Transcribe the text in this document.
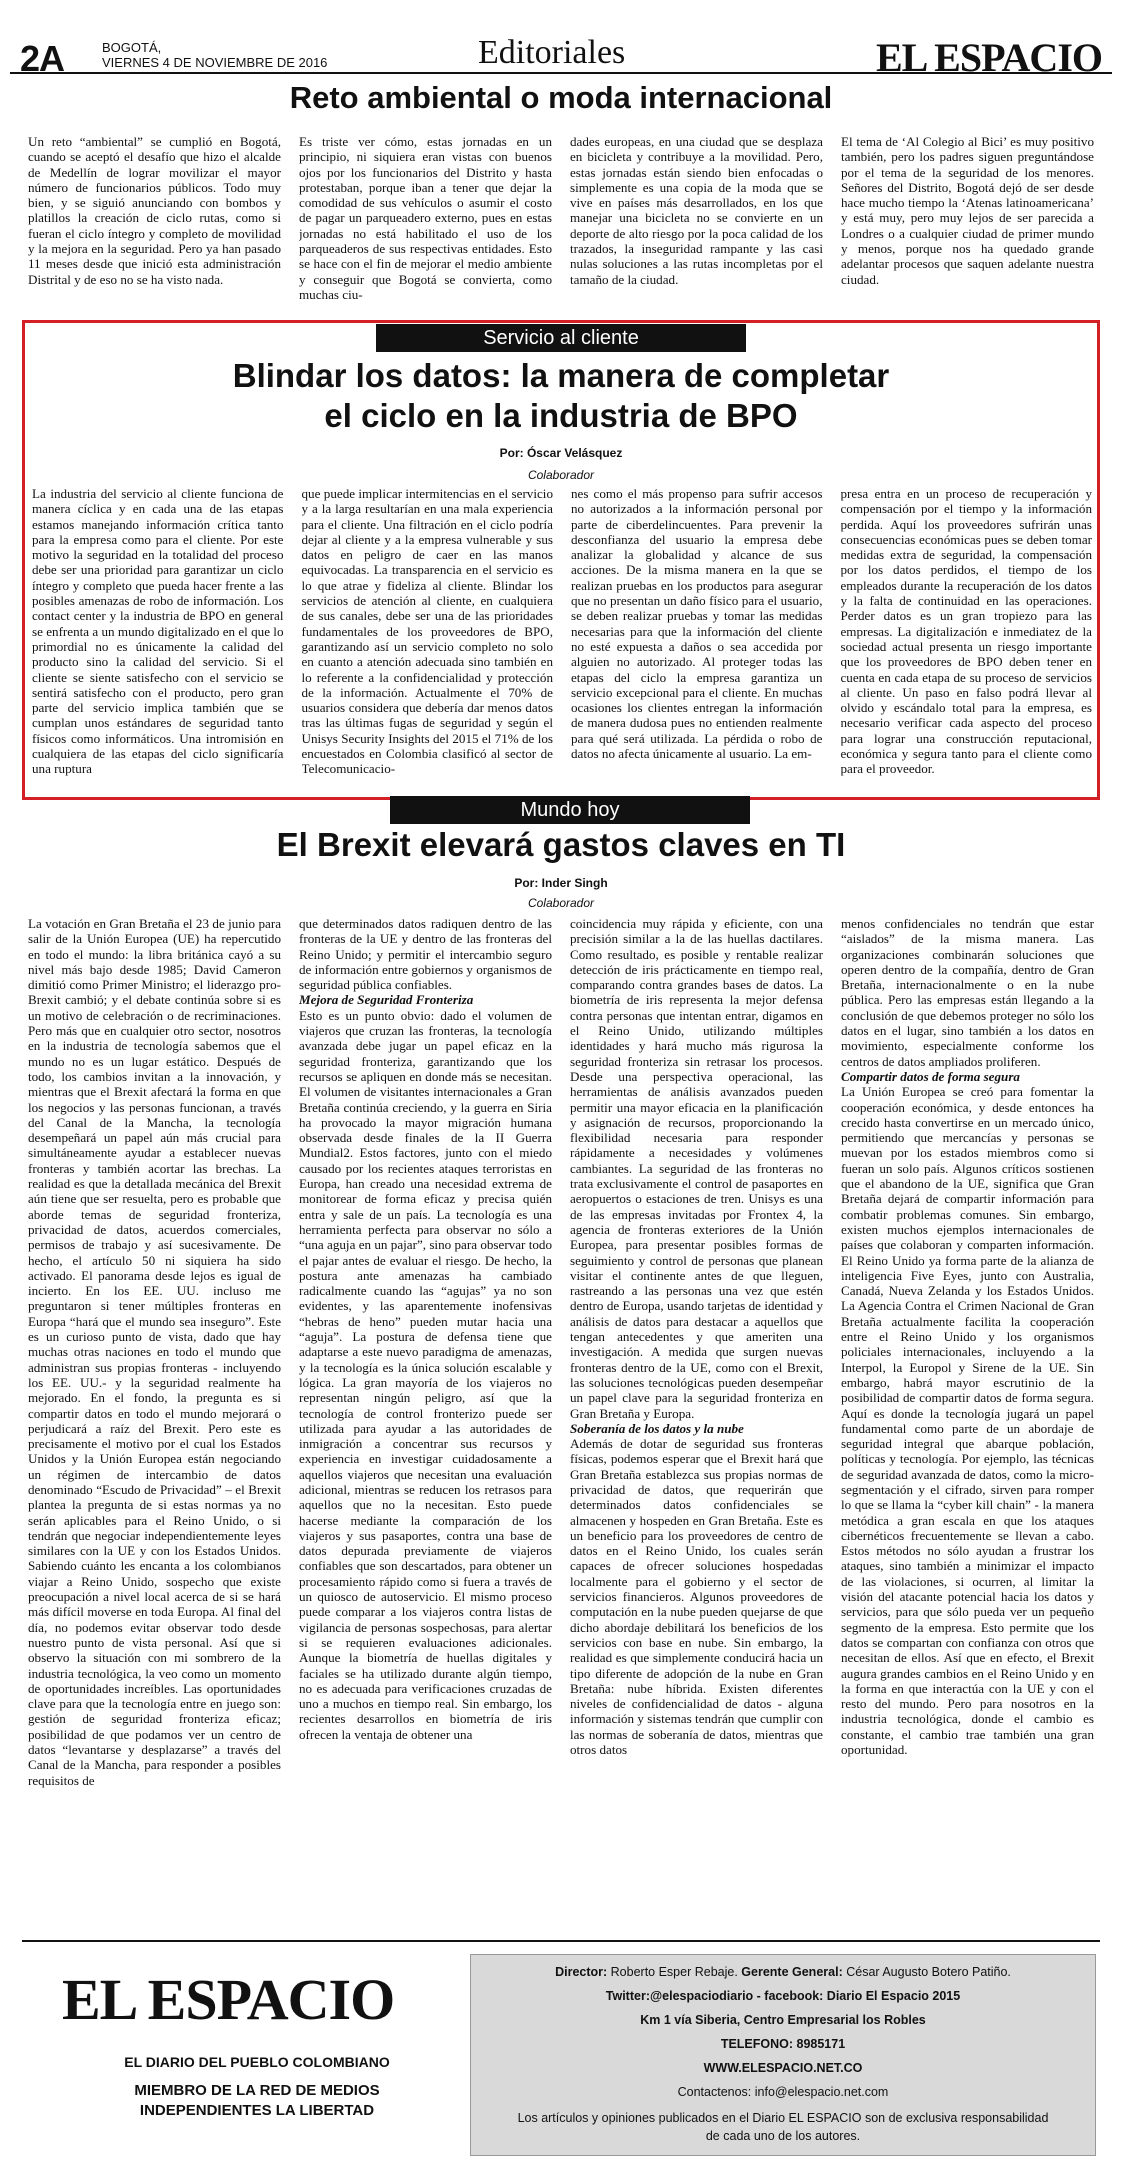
2A	BOGOTÁ,
VIERNES 4 DE NOVIEMBRE DE 2016	Editoriales	EL ESPACIO
Reto ambiental o moda internacional

Un reto “ambiental” se cumplió en Bogotá, cuando se aceptó el desafío que hizo el alcalde de Medellín de lograr movilizar el mayor número de funcionarios públicos. Todo muy bien, y se siguió anunciando con bombos y platillos la creación de ciclo rutas, como si fueran el ciclo íntegro y completo de movilidad y la mejora en la seguridad. Pero ya han pasado 11 meses desde que inició esta administración Distrital y de eso no se ha visto nada.

Es triste ver cómo, estas jornadas en un principio, ni siquiera eran vistas con buenos ojos por los funcionarios del Distrito y hasta protestaban, porque iban a tener que dejar la comodidad de sus vehículos o asumir el costo de pagar un parqueadero externo, pues en estas jornadas no está habilitado el uso de los parqueaderos de sus respectivas entidades. Esto se hace con el fin de mejorar el medio ambiente y conseguir que Bogotá se convierta, como muchas ciu-

dades europeas, en una ciudad que se desplaza en bicicleta y contribuye a la movilidad. Pero, estas jornadas están siendo bien enfocadas o simplemente es una copia de la moda que se vive en países más desarrollados, en los que manejar una bicicleta no se convierte en un deporte de alto riesgo por la poca calidad de los trazados, la inseguridad rampante y las casi nulas soluciones a las rutas incompletas por el tamaño de la ciudad.

El tema de ‘Al Colegio al Bici’ es muy positivo también, pero los padres siguen preguntándose por el tema de la seguridad de los menores. Señores del Distrito, Bogotá dejó de ser desde hace mucho tiempo la ‘Atenas latinoamericana’ y está muy, pero muy lejos de ser parecida a Londres o a cualquier ciudad de primer mundo y menos, porque nos ha quedado grande adelantar procesos que saquen adelante nuestra ciudad.

Servicio al cliente
Blindar los datos: la manera de completar
el ciclo en la industria de BPO
Por: Óscar Velásquez
Colaborador

La industria del servicio al cliente funciona de manera cíclica y en cada una de las etapas estamos manejando información crítica tanto para la empresa como para el cliente. Por este motivo la seguridad en la totalidad del proceso debe ser una prioridad para garantizar un ciclo íntegro y completo que pueda hacer frente a las posibles amenazas de robo de información. Los contact center y la industria de BPO en general se enfrenta a un mundo digitalizado en el que lo primordial no es únicamente la calidad del producto sino la calidad del servicio. Si el cliente se siente satisfecho con el servicio se sentirá satisfecho con el producto, pero gran parte del servicio implica también que se cumplan unos estándares de seguridad tanto físicos como informáticos. Una intromisión en cualquiera de las etapas del ciclo significaría una ruptura

que puede implicar intermitencias en el servicio y a la larga resultarían en una mala experiencia para el cliente. Una filtración en el ciclo podría dejar al cliente y a la empresa vulnerable y sus datos en peligro de caer en las manos equivocadas. La transparencia en el servicio es lo que atrae y fideliza al cliente. Blindar los servicios de atención al cliente, en cualquiera de sus canales, debe ser una de las prioridades fundamentales de los proveedores de BPO, garantizando así un servicio completo no solo en cuanto a atención adecuada sino también en lo referente a la confidencialidad y protección de la información. Actualmente el 70% de usuarios considera que debería dar menos datos tras las últimas fugas de seguridad y según el Unisys Security Insights del 2015 el 71% de los encuestados en Colombia clasificó al sector de Telecomunicacio-

nes como el más propenso para sufrir accesos no autorizados a la información personal por parte de ciberdelincuentes. Para prevenir la desconfianza del usuario la empresa debe analizar la globalidad y alcance de sus acciones. De la misma manera en la que se realizan pruebas en los productos para asegurar que no presentan un daño físico para el usuario, se deben realizar pruebas y tomar las medidas necesarias para que la información del cliente no esté expuesta a daños o sea accedida por alguien no autorizado. Al proteger todas las etapas del ciclo la empresa garantiza un servicio excepcional para el cliente. En muchas ocasiones los clientes entregan la información de manera dudosa pues no entienden realmente para qué será utilizada. La pérdida o robo de datos no afecta únicamente al usuario. La em-

presa entra en un proceso de recuperación y compensación por el tiempo y la información perdida. Aquí los proveedores sufrirán unas consecuencias económicas pues se deben tomar medidas extra de seguridad, la compensación por los datos perdidos, el tiempo de los empleados durante la recuperación de los datos y la falta de continuidad en las operaciones. Perder datos es un gran tropiezo para las empresas. La digitalización e inmediatez de la sociedad actual presenta un riesgo importante que los proveedores de BPO deben tener en cuenta en cada etapa de su proceso de servicios al cliente. Un paso en falso podrá llevar al olvido y escándalo total para la empresa, es necesario verificar cada aspecto del proceso para lograr una construcción reputacional, económica y segura tanto para el cliente como para el proveedor.

Mundo hoy
El Brexit elevará gastos claves en TI
Por: Inder Singh
Colaborador

La votación en Gran Bretaña el 23 de junio para salir de la Unión Europea (UE) ha repercutido en todo el mundo: la libra británica cayó a su nivel más bajo desde 1985; David Cameron dimitió como Primer Ministro; el liderazgo pro-Brexit cambió; y el debate continúa sobre si es un motivo de celebración o de recriminaciones. Pero más que en cualquier otro sector, nosotros en la industria de tecnología sabemos que el mundo no es un lugar estático. Después de todo, los cambios invitan a la innovación, y mientras que el Brexit afectará la forma en que los negocios y las personas funcionan, a través del Canal de la Mancha, la tecnología desempeñará un papel aún más crucial para simultáneamente ayudar a establecer nuevas fronteras y también acortar las brechas. La realidad es que la detallada mecánica del Brexit aún tiene que ser resuelta, pero es probable que aborde temas de seguridad fronteriza, privacidad de datos, acuerdos comerciales, permisos de trabajo y así sucesivamente. De hecho, el artículo 50 ni siquiera ha sido activado. El panorama desde lejos es igual de incierto. En los EE. UU. incluso me preguntaron si tener múltiples fronteras en Europa “hará que el mundo sea inseguro”. Este es un curioso punto de vista, dado que hay muchas otras naciones en todo el mundo que administran sus propias fronteras - incluyendo los EE. UU.- y la seguridad realmente ha mejorado. En el fondo, la pregunta es si compartir datos en todo el mundo mejorará o perjudicará a raíz del Brexit. Pero este es precisamente el motivo por el cual los Estados Unidos y la Unión Europea están negociando un régimen de intercambio de datos denominado “Escudo de Privacidad” – el Brexit plantea la pregunta de si estas normas ya no serán aplicables para el Reino Unido, o si tendrán que negociar independientemente leyes similares con la UE y con los Estados Unidos. Sabiendo cuánto les encanta a los colombianos viajar a Reino Unido, sospecho que existe preocupación a nivel local acerca de si se hará más difícil moverse en toda Europa. Al final del día, no podemos evitar observar todo desde nuestro punto de vista personal. Así que si observo la situación con mi sombrero de la industria tecnológica, la veo como un momento de oportunidades increíbles. Las oportunidades clave para que la tecnología entre en juego son: gestión de seguridad fronteriza eficaz; posibilidad de que podamos ver un centro de datos “levantarse y desplazarse” a través del Canal de la Mancha, para responder a posibles requisitos de

que determinados datos radiquen dentro de las fronteras de la UE y dentro de las fronteras del Reino Unido; y permitir el intercambio seguro de información entre gobiernos y organismos de seguridad pública confiables.

Mejora de Seguridad Fronteriza

Esto es un punto obvio: dado el volumen de viajeros que cruzan las fronteras, la tecnología avanzada debe jugar un papel eficaz en la seguridad fronteriza, garantizando que los recursos se apliquen en donde más se necesitan. El volumen de visitantes internacionales a Gran Bretaña continúa creciendo, y la guerra en Siria ha provocado la mayor migración humana observada desde finales de la II Guerra Mundial2. Estos factores, junto con el miedo causado por los recientes ataques terroristas en Europa, han creado una necesidad extrema de monitorear de forma eficaz y precisa quién entra y sale de un país. La tecnología es una herramienta perfecta para observar no sólo a “una aguja en un pajar”, sino para observar todo el pajar antes de evaluar el riesgo. De hecho, la postura ante amenazas ha cambiado radicalmente cuando las “agujas” ya no son evidentes, y las aparentemente inofensivas “hebras de heno” pueden mutar hacia una “aguja”. La postura de defensa tiene que adaptarse a este nuevo paradigma de amenazas, y la tecnología es la única solución escalable y lógica. La gran mayoría de los viajeros no representan ningún peligro, así que la tecnología de control fronterizo puede ser utilizada para ayudar a las autoridades de inmigración a concentrar sus recursos y experiencia en investigar cuidadosamente a aquellos viajeros que necesitan una evaluación adicional, mientras se reducen los retrasos para aquellos que no la necesitan. Esto puede hacerse mediante la comparación de los viajeros y sus pasaportes, contra una base de datos depurada previamente de viajeros confiables que son descartados, para obtener un procesamiento rápido como si fuera a través de un quiosco de autoservicio. El mismo proceso puede comparar a los viajeros contra listas de vigilancia de personas sospechosas, para alertar si se requieren evaluaciones adicionales. Aunque la biometría de huellas digitales y faciales se ha utilizado durante algún tiempo, no es adecuada para verificaciones cruzadas de uno a muchos en tiempo real. Sin embargo, los recientes desarrollos en biometría de iris ofrecen la ventaja de obtener una

coincidencia muy rápida y eficiente, con una precisión similar a la de las huellas dactilares. Como resultado, es posible y rentable realizar detección de iris prácticamente en tiempo real, comparando contra grandes bases de datos. La biometría de iris representa la mejor defensa contra personas que intentan entrar, digamos en el Reino Unido, utilizando múltiples identidades y hará mucho más rigurosa la seguridad fronteriza sin retrasar los procesos. Desde una perspectiva operacional, las herramientas de análisis avanzados pueden permitir una mayor eficacia en la planificación y asignación de recursos, proporcionando la flexibilidad necesaria para responder rápidamente a necesidades y volúmenes cambiantes. La seguridad de las fronteras no trata exclusivamente el control de pasaportes en aeropuertos o estaciones de tren. Unisys es una de las empresas invitadas por Frontex 4, la agencia de fronteras exteriores de la Unión Europea, para presentar posibles formas de seguimiento y control de personas que planean visitar el continente antes de que lleguen, rastreando a las personas una vez que estén dentro de Europa, usando tarjetas de identidad y análisis de datos para destacar a aquellos que tengan antecedentes y que ameriten una investigación. A medida que surgen nuevas fronteras dentro de la UE, como con el Brexit, las soluciones tecnológicas pueden desempeñar un papel clave para la seguridad fronteriza en Gran Bretaña y Europa.

Soberanía de los datos y la nube

Además de dotar de seguridad sus fronteras físicas, podemos esperar que el Brexit hará que Gran Bretaña establezca sus propias normas de privacidad de datos, que requerirán que determinados datos confidenciales se almacenen y hospeden en Gran Bretaña. Este es un beneficio para los proveedores de centro de datos en el Reino Unido, los cuales serán capaces de ofrecer soluciones hospedadas localmente para el gobierno y el sector de servicios financieros. Algunos proveedores de computación en la nube pueden quejarse de que dicho abordaje debilitará los beneficios de los servicios con base en nube. Sin embargo, la realidad es que simplemente conducirá hacia un tipo diferente de adopción de la nube en Gran Bretaña: nube híbrida. Existen diferentes niveles de confidencialidad de datos - alguna información y sistemas tendrán que cumplir con las normas de soberanía de datos, mientras que otros datos

menos confidenciales no tendrán que estar “aislados” de la misma manera. Las organizaciones combinarán soluciones que operen dentro de la compañía, dentro de Gran Bretaña, internacionalmente o en la nube pública. Pero las empresas están llegando a la conclusión de que debemos proteger no sólo los datos en el lugar, sino también a los datos en movimiento, especialmente conforme los centros de datos ampliados proliferen.

Compartir datos de forma segura

La Unión Europea se creó para fomentar la cooperación económica, y desde entonces ha crecido hasta convertirse en un mercado único, permitiendo que mercancías y personas se muevan por los estados miembros como si fueran un solo país. Algunos críticos sostienen que el abandono de la UE, significa que Gran Bretaña dejará de compartir información para combatir problemas comunes. Sin embargo, existen muchos ejemplos internacionales de países que colaboran y comparten información. El Reino Unido ya forma parte de la alianza de inteligencia Five Eyes, junto con Australia, Canadá, Nueva Zelanda y los Estados Unidos. La Agencia Contra el Crimen Nacional de Gran Bretaña actualmente facilita la cooperación entre el Reino Unido y los organismos policiales internacionales, incluyendo a la Interpol, la Europol y Sirene de la UE. Sin embargo, habrá mayor escrutinio de la posibilidad de compartir datos de forma segura. Aquí es donde la tecnología jugará un papel fundamental como parte de un abordaje de seguridad integral que abarque población, políticas y tecnología. Por ejemplo, las técnicas de seguridad avanzada de datos, como la micro-segmentación y el cifrado, sirven para romper lo que se llama la “cyber kill chain” - la manera metódica a gran escala en que los ataques cibernéticos frecuentemente se llevan a cabo. Estos métodos no sólo ayudan a frustrar los ataques, sino también a minimizar el impacto de las violaciones, si ocurren, al limitar la visión del atacante potencial hacia los datos y servicios, para que sólo pueda ver un pequeño segmento de la empresa. Esto permite que los datos se compartan con confianza con otros que necesitan de ellos. Así que en efecto, el Brexit augura grandes cambios en el Reino Unido y en la forma en que interactúa con la UE y con el resto del mundo. Pero para nosotros en la industria tecnológica, donde el cambio es constante, el cambio trae también una gran oportunidad.

EL ESPACIO
EL DIARIO DEL PUEBLO COLOMBIANO
MIEMBRO DE LA RED DE MEDIOS
INDEPENDIENTES LA LIBERTAD
Director: Roberto Esper Rebaje. Gerente General: César Augusto Botero Patiño.
Twitter:@elespaciodiario - facebook: Diario El Espacio 2015
Km 1 vía Siberia, Centro Empresarial los Robles
TELEFONO: 8985171
WWW.ELESPACIO.NET.CO
Contactenos: info@elespacio.net.com
Los artículos y opiniones publicados en el Diario EL ESPACIO son de exclusiva responsabilidad
de cada uno de los autores.
